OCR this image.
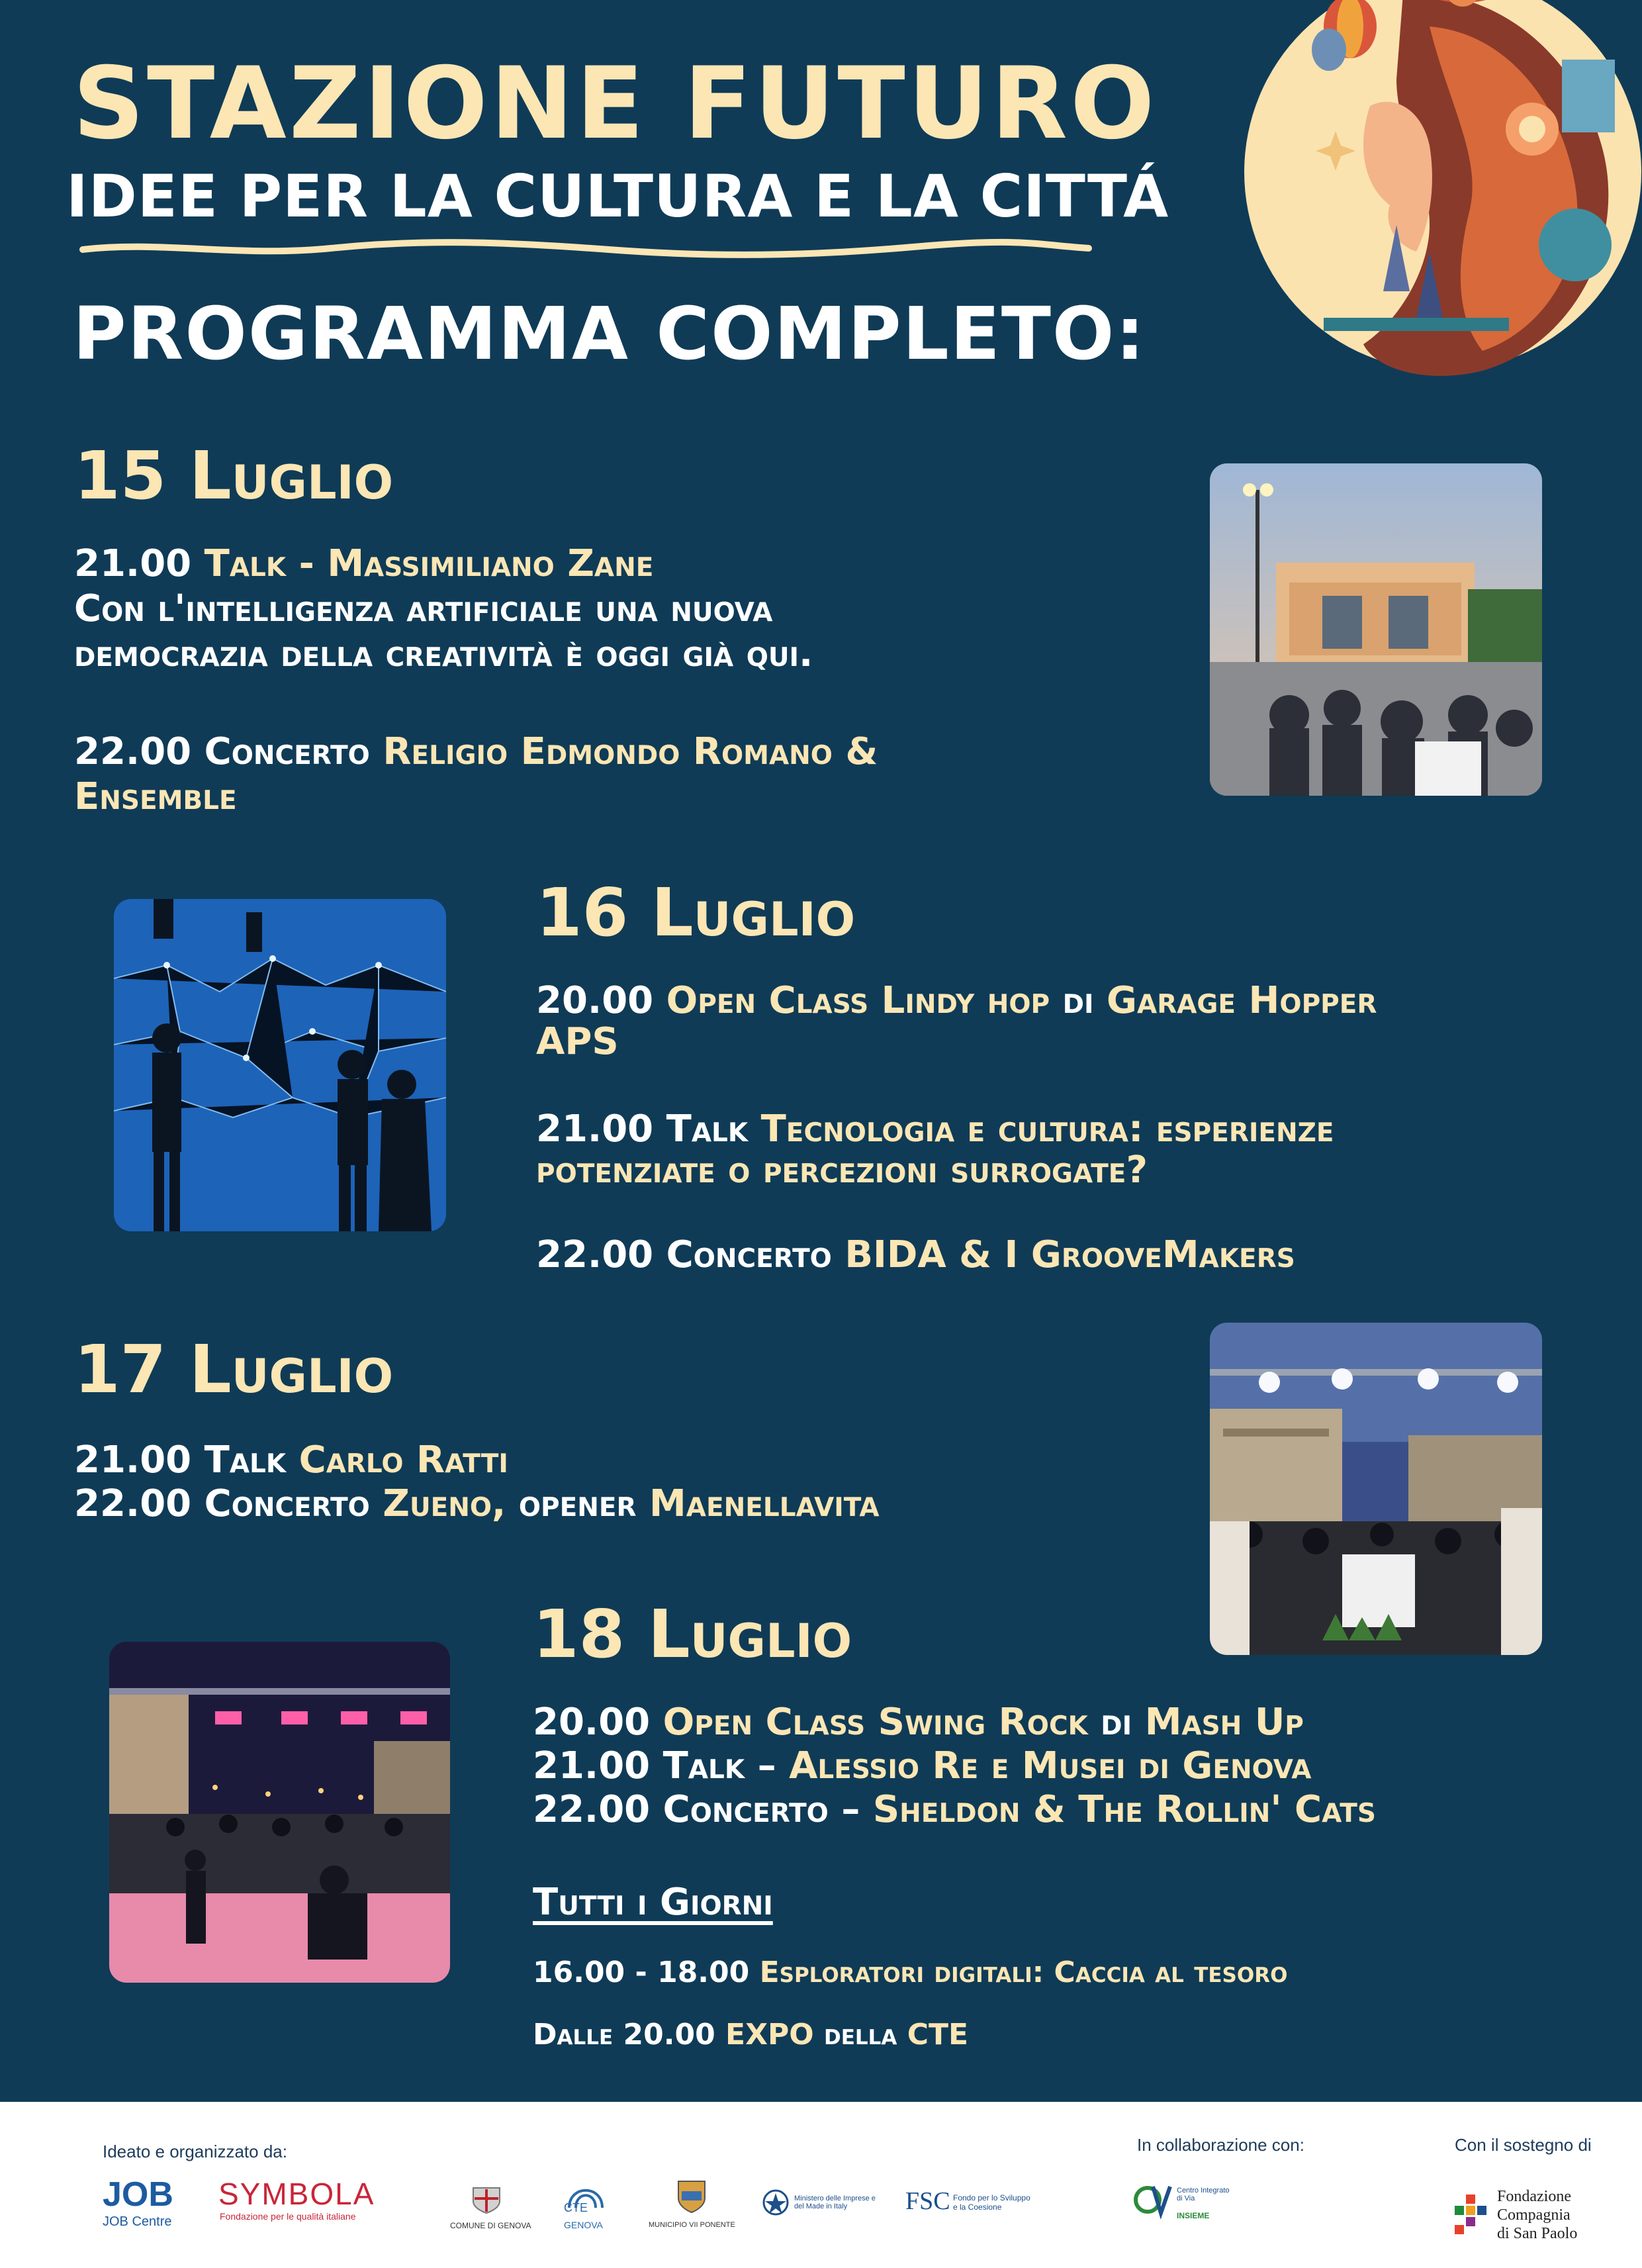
STAZIONE FUTURO
IDEE PER LA CULTURA E LA CITTÁ
PROGRAMMA COMPLETO:
15 Luglio
21.00 Talk - Massimiliano Zane
Con l'intelligenza artificiale una nuova
democrazia della creatività è oggi già qui.
22.00 Concerto Religio Edmondo Romano &
Ensemble
16 Luglio
20.00 Open Class Lindy hop di Garage Hopper
APS
21.00 Talk Tecnologia e cultura: esperienze
potenziate o percezioni surrogate?
22.00 Concerto BIDA & I GrooveMakers
17 Luglio
21.00 Talk Carlo Ratti
22.00 Concerto Zueno, opener Maenellavita
18 Luglio
20.00 Open Class Swing Rock di Mash Up
21.00 Talk – Alessio Re e Musei di Genova
22.00 Concerto – Sheldon & The Rollin' Cats
Tutti i Giorni
16.00 - 18.00 Esploratori digitali: Caccia al tesoro
Dalle 20.00 EXPO della CTE
Ideato e organizzato da:	In collaborazione con:	Con il sostegno di
JOB
JOB Centre
SYMBOLA
Fondazione per le qualità italiane
COMUNE DI GENOVA
CTE
GENOVA	MUNICIPIO VII PONENTE
Ministero delle Imprese e del Made in Italy	FSC Fondo per lo Sviluppo e la Coesione
Centro Integrato di Via
INSIEME
Fondazione
Compagnia
di San Paolo
